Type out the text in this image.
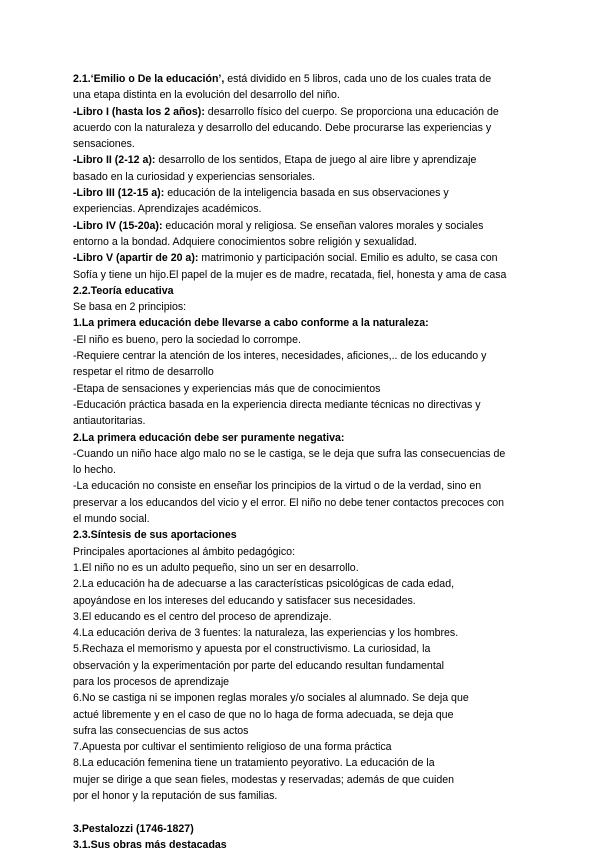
2.1.‘Emilio o De la educación’, está dividido en 5 libros, cada uno de los cuales trata de
una etapa distinta en la evolución del desarrollo del niño.
-Libro I (hasta los 2 años): desarrollo físico del cuerpo. Se proporciona una educación de
acuerdo con la naturaleza y desarrollo del educando. Debe procurarse las experiencias y
sensaciones.
-Libro II (2-12 a): desarrollo de los sentidos, Etapa de juego al aire libre y aprendizaje
basado en la curiosidad y experiencias sensoriales.
-Libro III (12-15 a): educación de la inteligencia basada en sus observaciones y
experiencias. Aprendizajes académicos.
-Libro IV (15-20a): educación moral y religiosa. Se enseñan valores morales y sociales
entorno a la bondad. Adquiere conocimientos sobre religión y sexualidad.
-Libro V (apartir de 20 a): matrimonio y participación social. Emilio es adulto, se casa con
Sofía y tiene un hijo.El papel de la mujer es de madre, recatada, fiel, honesta y ama de casa
2.2.Teoría educativa
Se basa en 2 principios:
1.La primera educación debe llevarse a cabo conforme a la naturaleza:
-El niño es bueno, pero la sociedad lo corrompe.
-Requiere centrar la atención de los interes, necesidades, aficiones,.. de los educando y
respetar el ritmo de desarrollo
-Etapa de sensaciones y experiencias más que de conocimientos
-Educación práctica basada en la experiencia directa mediante técnicas no directivas y
antiautoritarias.
2.La primera educación debe ser puramente negativa:
-Cuando un niño hace algo malo no se le castiga, se le deja que sufra las consecuencias de
lo hecho.
-La educación no consiste en enseñar los principios de la virtud o de la verdad, sino en
preservar a los educandos del vicio y el error. El niño no debe tener contactos precoces con
el mundo social.
2.3.Síntesis de sus aportaciones
Principales aportaciones al ámbito pedagógico:
1.El niño no es un adulto pequeño, sino un ser en desarrollo.
2.La educación ha de adecuarse a las características psicológicas de cada edad,
apoyándose en los intereses del educando y satisfacer sus necesidades.
3.El educando es el centro del proceso de aprendizaje.
4.La educación deriva de 3 fuentes: la naturaleza, las experiencias y los hombres.
5.Rechaza el memorismo y apuesta por el constructivismo. La curiosidad, la
observación y la experimentación por parte del educando resultan fundamental
para los procesos de aprendizaje
6.No se castiga ni se imponen reglas morales y/o sociales al alumnado. Se deja que
actué libremente y en el caso de que no lo haga de forma adecuada, se deja que
sufra las consecuencias de sus actos
7.Apuesta por cultivar el sentimiento religioso de una forma práctica
8.La educación femenina tiene un tratamiento peyorativo. La educación de la
mujer se dirige a que sean fieles, modestas y reservadas; además de que cuiden
por el honor y la reputación de sus familias.
3.Pestalozzi (1746-1827)
3.1.Sus obras más destacadas
